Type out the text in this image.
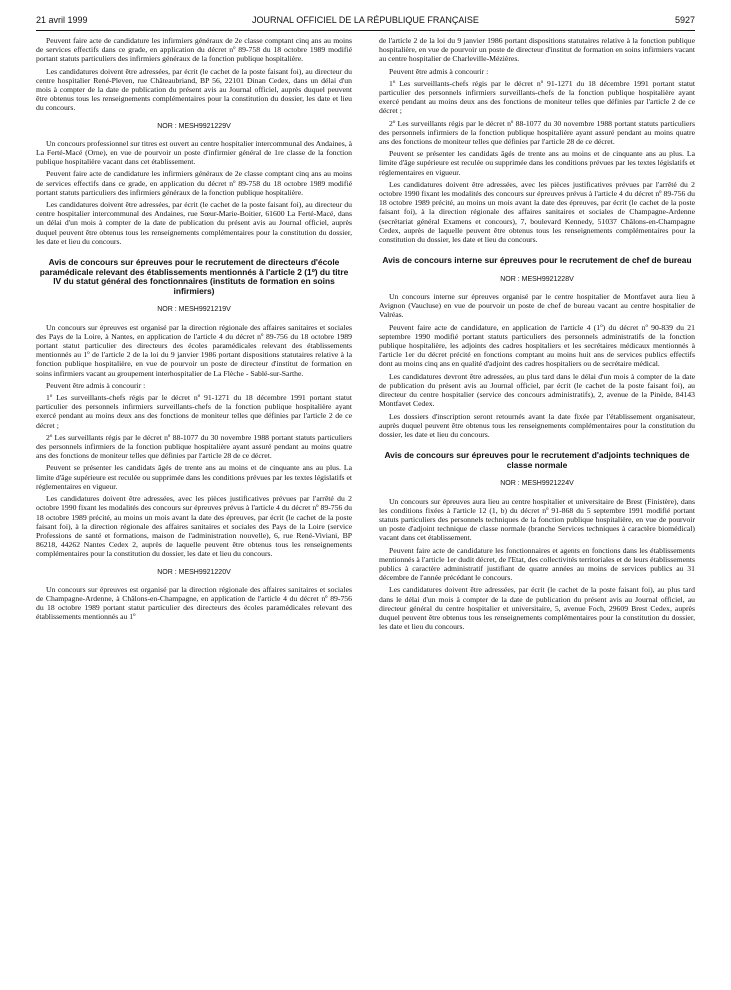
21 avril 1999	JOURNAL OFFICIEL DE LA RÉPUBLIQUE FRANÇAISE	5927

Peuvent faire acte de candidature les infirmiers généraux de 2e classe comptant cinq ans au moins de services effectifs dans ce grade, en application du décret nº 89-758 du 18 octobre 1989 modifié portant statuts particuliers des infirmiers généraux de la fonction publique hospitalière.

Les candidatures doivent être adressées, par écrit (le cachet de la poste faisant foi), au directeur du centre hospitalier René-Pleven, rue Châteaubriand, BP 56, 22101 Dinan Cedex, dans un délai d'un mois à compter de la date de publication du présent avis au Journal officiel, auprès duquel peuvent être obtenus tous les renseignements complémentaires pour la constitution du dossier, les date et lieu du concours.

NOR : MESH9921229V

Un concours professionnel sur titres est ouvert au centre hospitalier intercommunal des Andaines, à La Ferté-Macé (Orne), en vue de pourvoir un poste d'infirmier général de 1re classe de la fonction publique hospitalière vacant dans cet établissement.

Peuvent faire acte de candidature les infirmiers généraux de 2e classe comptant cinq ans au moins de services effectifs dans ce grade, en application du décret nº 89-758 du 18 octobre 1989 modifié portant statuts particuliers des infirmiers généraux de la fonction publique hospitalière.

Les candidatures doivent être adressées, par écrit (le cachet de la poste faisant foi), au directeur du centre hospitalier intercommunal des Andaines, rue Sœur-Marie-Boitier, 61600 La Ferté-Macé, dans un délai d'un mois à compter de la date de publication du présent avis au Journal officiel, auprès duquel peuvent être obtenus tous les renseignements complémentaires pour la constitution du dossier, les date et lieu du concours.

Avis de concours sur épreuves pour le recrutement de directeurs d'école paramédicale relevant des établissements mentionnés à l'article 2 (1º) du titre IV du statut général des fonctionnaires (instituts de formation en soins infirmiers)

NOR : MESH9921219V

Un concours sur épreuves est organisé par la direction régionale des affaires sanitaires et sociales des Pays de la Loire, à Nantes, en application de l'article 4 du décret nº 89-756 du 18 octobre 1989 portant statut particulier des directeurs des écoles paramédicales relevant des établissements mentionnés au 1º de l'article 2 de la loi du 9 janvier 1986 portant dispositions statutaires relative à la fonction publique hospitalière, en vue de pourvoir un poste de directeur d'institut de formation en soins infirmiers vacant au groupement interhospitalier de La Flèche - Sablé-sur-Sarthe.

Peuvent être admis à concourir :

1º Les surveillants-chefs régis par le décret nº 91-1271 du 18 décembre 1991 portant statut particulier des personnels infirmiers surveillants-chefs de la fonction publique hospitalière ayant exercé pendant au moins deux ans des fonctions de moniteur telles que définies par l'article 2 de ce décret ;

2º Les surveillants régis par le décret nº 88-1077 du 30 novembre 1988 portant statuts particuliers des personnels infirmiers de la fonction publique hospitalière ayant assuré pendant au moins quatre ans des fonctions de moniteur telles que définies par l'article 28 de ce décret.

Peuvent se présenter les candidats âgés de trente ans au moins et de cinquante ans au plus. La limite d'âge supérieure est reculée ou supprimée dans les conditions prévues par les textes législatifs et réglementaires en vigueur.

Les candidatures doivent être adressées, avec les pièces justificatives prévues par l'arrêté du 2 octobre 1990 fixant les modalités des concours sur épreuves prévus à l'article 4 du décret nº 89-756 du 18 octobre 1989 précité, au moins un mois avant la date des épreuves, par écrit (le cachet de la poste faisant foi), à la direction régionale des affaires sanitaires et sociales des Pays de la Loire (service Professions de santé et formations, maison de l'administration nouvelle), 6, rue René-Viviani, BP 86218, 44262 Nantes Cedex 2, auprès de laquelle peuvent être obtenus tous les renseignements complémentaires pour la constitution du dossier, les date et lieu du concours.

NOR : MESH9921220V

Un concours sur épreuves est organisé par la direction régionale des affaires sanitaires et sociales de Champagne-Ardenne, à Châlons-en-Champagne, en application de l'article 4 du décret nº 89-756 du 18 octobre 1989 portant statut particulier des directeurs des écoles paramédicales relevant des établissements mentionnés au 1º

de l'article 2 de la loi du 9 janvier 1986 portant dispositions statutaires relative à la fonction publique hospitalière, en vue de pourvoir un poste de directeur d'institut de formation en soins infirmiers vacant au centre hospitalier de Charleville-Mézières.

Peuvent être admis à concourir :

1º Les surveillants-chefs régis par le décret nº 91-1271 du 18 décembre 1991 portant statut particulier des personnels infirmiers surveillants-chefs de la fonction publique hospitalière ayant exercé pendant au moins deux ans des fonctions de moniteur telles que définies par l'article 2 de ce décret ;

2º Les surveillants régis par le décret nº 88-1077 du 30 novembre 1988 portant statuts particuliers des personnels infirmiers de la fonction publique hospitalière ayant assuré pendant au moins quatre ans des fonctions de moniteur telles que définies par l'article 28 de ce décret.

Peuvent se présenter les candidats âgés de trente ans au moins et de cinquante ans au plus. La limite d'âge supérieure est reculée ou supprimée dans les conditions prévues par les textes législatifs et réglementaires en vigueur.

Les candidatures doivent être adressées, avec les pièces justificatives prévues par l'arrêté du 2 octobre 1990 fixant les modalités des concours sur épreuves prévus à l'article 4 du décret nº 89-756 du 18 octobre 1989 précité, au moins un mois avant la date des épreuves, par écrit (le cachet de la poste faisant foi), à la direction régionale des affaires sanitaires et sociales de Champagne-Ardenne (secrétariat général Examens et concours), 7, boulevard Kennedy, 51037 Châlons-en-Champagne Cedex, auprès de laquelle peuvent être obtenus tous les renseignements complémentaires pour la constitution du dossier, les date et lieu du concours.

Avis de concours interne sur épreuves pour le recrutement de chef de bureau

NOR : MESH9921228V

Un concours interne sur épreuves organisé par le centre hospitalier de Montfavet aura lieu à Avignon (Vaucluse) en vue de pourvoir un poste de chef de bureau vacant au centre hospitalier de Valréas.

Peuvent faire acte de candidature, en application de l'article 4 (1º) du décret nº 90-839 du 21 septembre 1990 modifié portant statuts particuliers des personnels administratifs de la fonction publique hospitalière, les adjoints des cadres hospitaliers et les secrétaires médicaux mentionnés à l'article 1er du décret précité en fonctions comptant au moins huit ans de services publics effectifs dont au moins cinq ans en qualité d'adjoint des cadres hospitaliers ou de secrétaire médical.

Les candidatures devront être adressées, au plus tard dans le délai d'un mois à compter de la date de publication du présent avis au Journal officiel, par écrit (le cachet de la poste faisant foi), au directeur du centre hospitalier (service des concours administratifs), 2, avenue de la Pinède, 84143 Montfavet Cedex.

Les dossiers d'inscription seront retournés avant la date fixée par l'établissement organisateur, auprès duquel peuvent être obtenus tous les renseignements complémentaires pour la constitution du dossier, les date et lieu du concours.

Avis de concours sur épreuves pour le recrutement d'adjoints techniques de classe normale

NOR : MESH9921224V

Un concours sur épreuves aura lieu au centre hospitalier et universitaire de Brest (Finistère), dans les conditions fixées à l'article 12 (1, b) du décret nº 91-868 du 5 septembre 1991 modifié portant statuts particuliers des personnels techniques de la fonction publique hospitalière, en vue de pourvoir un poste d'adjoint technique de classe normale (branche Services techniques à caractère biomédical) vacant dans cet établissement.

Peuvent faire acte de candidature les fonctionnaires et agents en fonctions dans les établissements mentionnés à l'article 1er dudit décret, de l'Etat, des collectivités territoriales et de leurs établissements publics à caractère administratif justifiant de quatre années au moins de services publics au 31 décembre de l'année précédant le concours.

Les candidatures doivent être adressées, par écrit (le cachet de la poste faisant foi), au plus tard dans le délai d'un mois à compter de la date de publication du présent avis au Journal officiel, au directeur général du centre hospitalier et universitaire, 5, avenue Foch, 29609 Brest Cedex, auprès duquel peuvent être obtenus tous les renseignements complémentaires pour la constitution du dossier, les date et lieu du concours.
